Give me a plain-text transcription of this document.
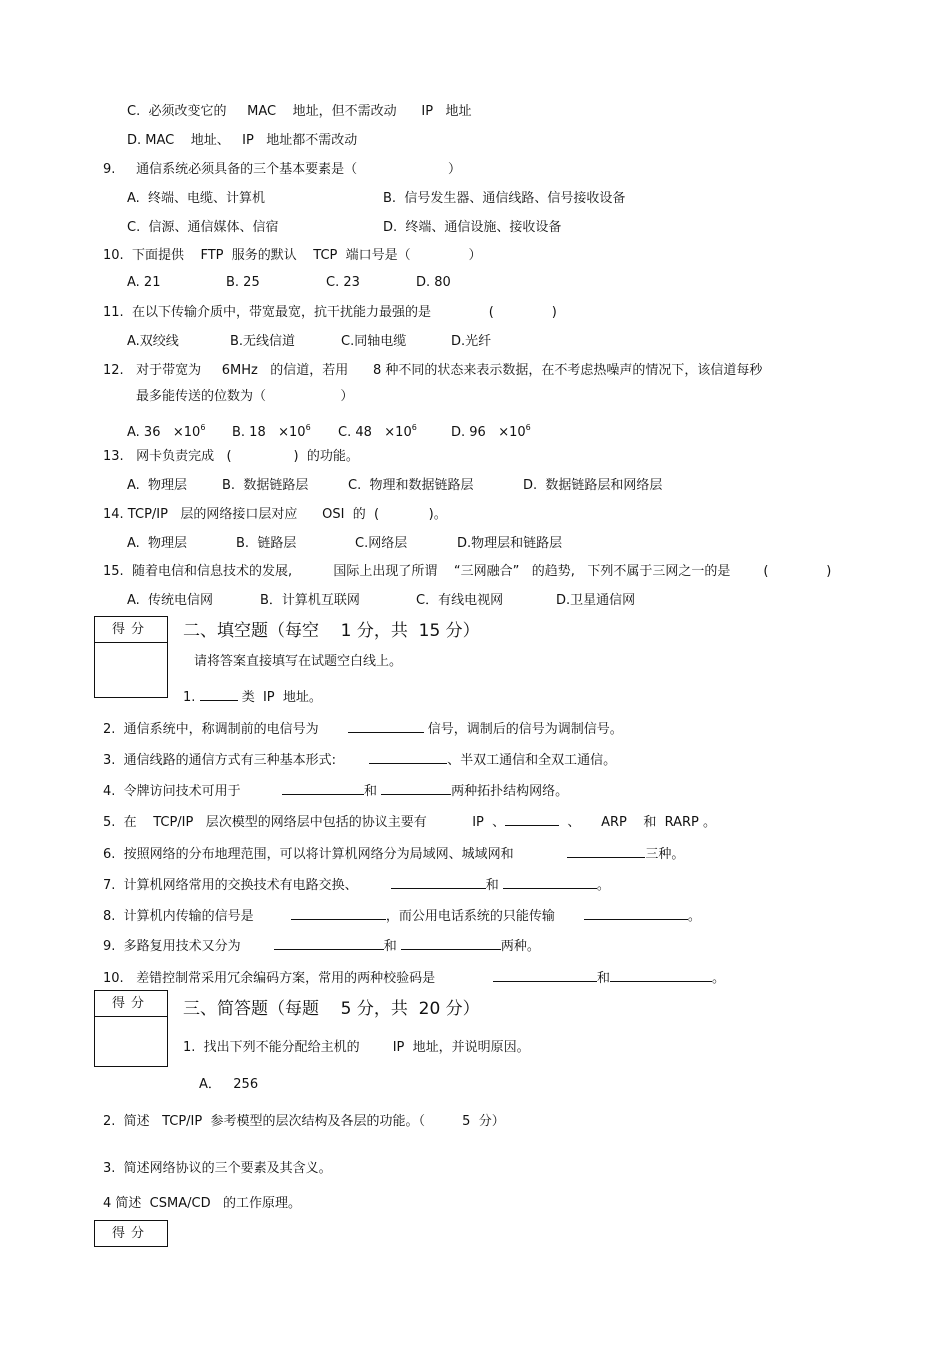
C.  必须改变它的     MAC    地址，但不需改动      IP   地址
D. MAC    地址、   IP   地址都不需改动
9.     通信系统必须具备的三个基本要素是（                      ）
A.  终端、电缆、计算机	B.  信号发生器、通信线路、信号接收设备
C.  信源、通信媒体、信宿	D.  终端、通信设施、接收设备
10.  下面提供    FTP  服务的默认    TCP  端口号是（              ）
A. 21	B. 25	C. 23	D. 80
11.  在以下传输介质中，带宽最宽，抗干扰能力最强的是              (              )
A.双绞线	B.无线信道	C.同轴电缆	D.光纤
12.   对于带宽为     6MHz   的信道，若用      8 种不同的状态来表示数据，在不考虑热噪声的情况下，该信道每秒
最多能传送的位数为（                  ）
A. $36 \times 10^6$ B. $18 \times 10^6$ C. $48 \times 10^6$	D. $96 \times 10^6$
13.   网卡负责完成   (               )  的功能。
A.  物理层	B.  数据链路层	C.  物理和数据链路层	D.  数据链路层和网络层
14. TCP/IP   层的网络接口层对应      OSI  的  (            )。
A.  物理层	B.  链路层	C.网络层	D.物理层和链路层
15.  随着电信和信息技术的发展,          国际上出现了所谓    “三网融合”   的趋势,   下列不属于三网之一的是        (              )
A.  传统电信网	B．计算机互联网	C．有线电视网	D.卫星通信网
得分	二、填空题（每空    1 分，共  15 分）
请将答案直接填写在试题空白线上。
1.	类  IP  地址。
2.  通信系统中，称调制前的电信号为	信号，调制后的信号为调制信号。
3.  通信线路的通信方式有三种基本形式:	、半双工通信和全双工通信。
4.  令牌访问技术可用于	和	两种拓扑结构网络。
5.  在    TCP/IP   层次模型的网络层中包括的协议主要有           IP  、	、     ARP    和  RARP 。
6.  按照网络的分布地理范围，可以将计算机网络分为局域网、城域网和	三种。
7.  计算机网络常用的交换技术有电路交换、	和	。
8.  计算机内传输的信号是	，而公用电话系统的只能传输	。
9.  多路复用技术又分为	和	两种。
10.   差错控制常采用冗余编码方案，常用的两种校验码是	和	。
得分	三、简答题（每题    5 分，共  20 分）
1.  找出下列不能分配给主机的        IP  地址，并说明原因。
A．   256
2.  简述   TCP/IP  参考模型的层次结构及各层的功能。（         5  分）
3.  简述网络协议的三个要素及其含义。
4 简述  CSMA/CD   的工作原理。
得分
